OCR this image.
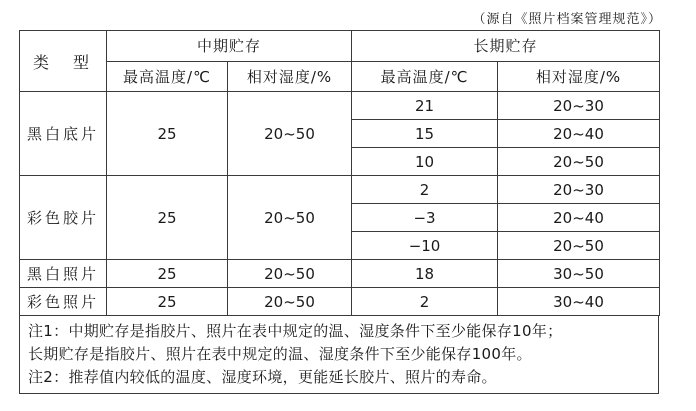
（源自《照片档案管理规范》）
类　型	中期贮存		长期贮存	
	最高温度/℃	相对湿度/%	最高温度/℃	相对湿度/%
黑白底片	25	20~50	21	20~30
			15	20~40
			10	20~50
彩色胶片	25	20~50	2	20~30
			−3	20~40
			−10	20~50
黑白照片	25	20~50	18	30~50
彩色照片	25	20~50	2	30~40
注1：中期贮存是指胶片、照片在表中规定的温、湿度条件下至少能保存10年；
长期贮存是指胶片、照片在表中规定的温、湿度条件下至少能保存100年。
注2：推荐值内较低的温度、湿度环境，更能延长胶片、照片的寿命。
